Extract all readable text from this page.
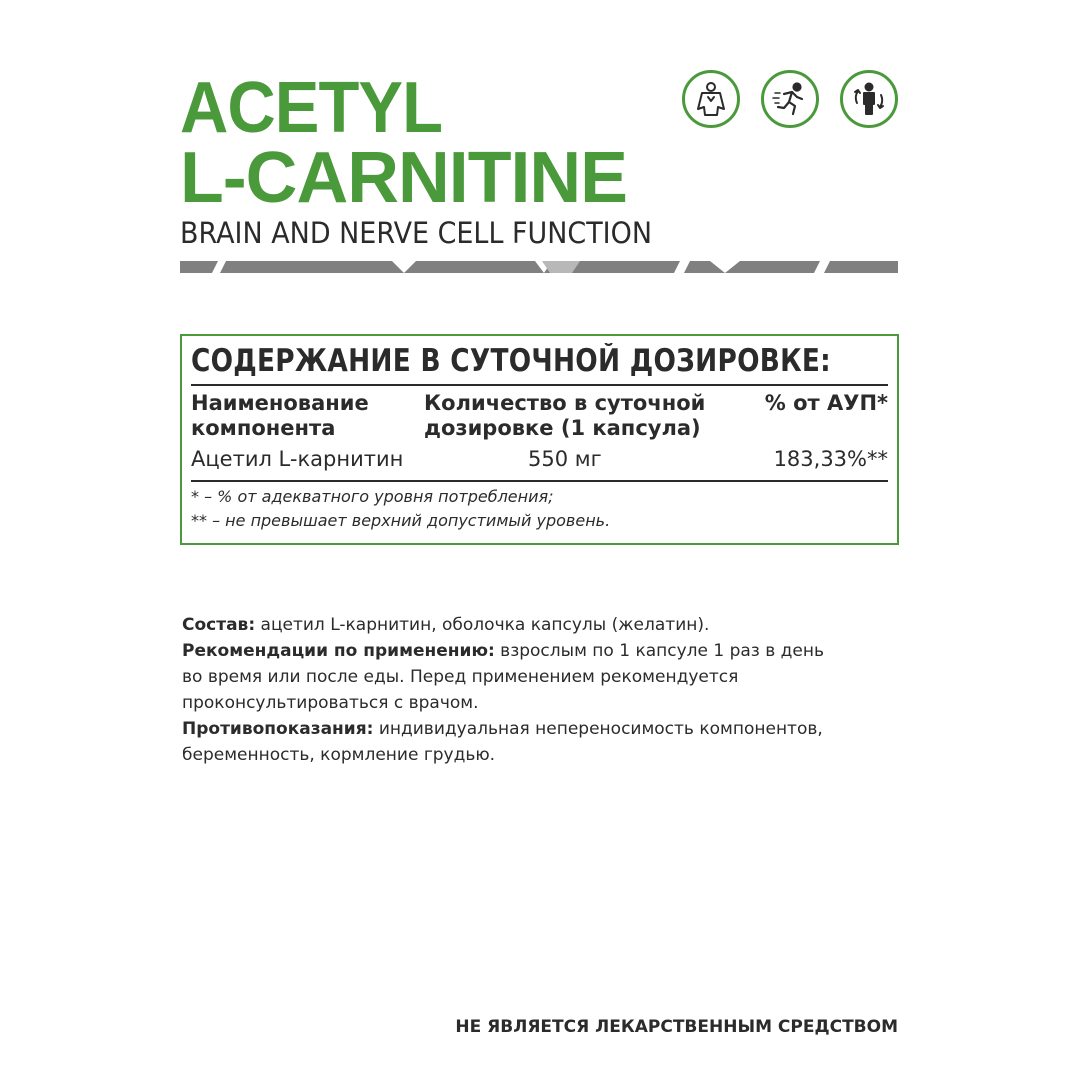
ACETYL
L-CARNITINE
BRAIN AND NERVE CELL FUNCTION
СОДЕРЖАНИЕ В СУТОЧНОЙ ДОЗИРОВКЕ:
Наименование
компонента
Количество в суточной
дозировке (1 капсула)
% от АУП*
Ацетил L-карнитин	550 мг	183,33%**
* – % от адекватного уровня потребления;
** – не превышает верхний допустимый уровень.

Состав: ацетил L-карнитин, оболочка капсулы (желатин).

Рекомендации по применению: взрослым по 1 капсуле 1 раз в день
во время или после еды. Перед применением рекомендуется
проконсультироваться с врачом.

Противопоказания: индивидуальная непереносимость компонентов,
беременность, кормление грудью.

НЕ ЯВЛЯЕТСЯ ЛЕКАРСТВЕННЫМ СРЕДСТВОМ
